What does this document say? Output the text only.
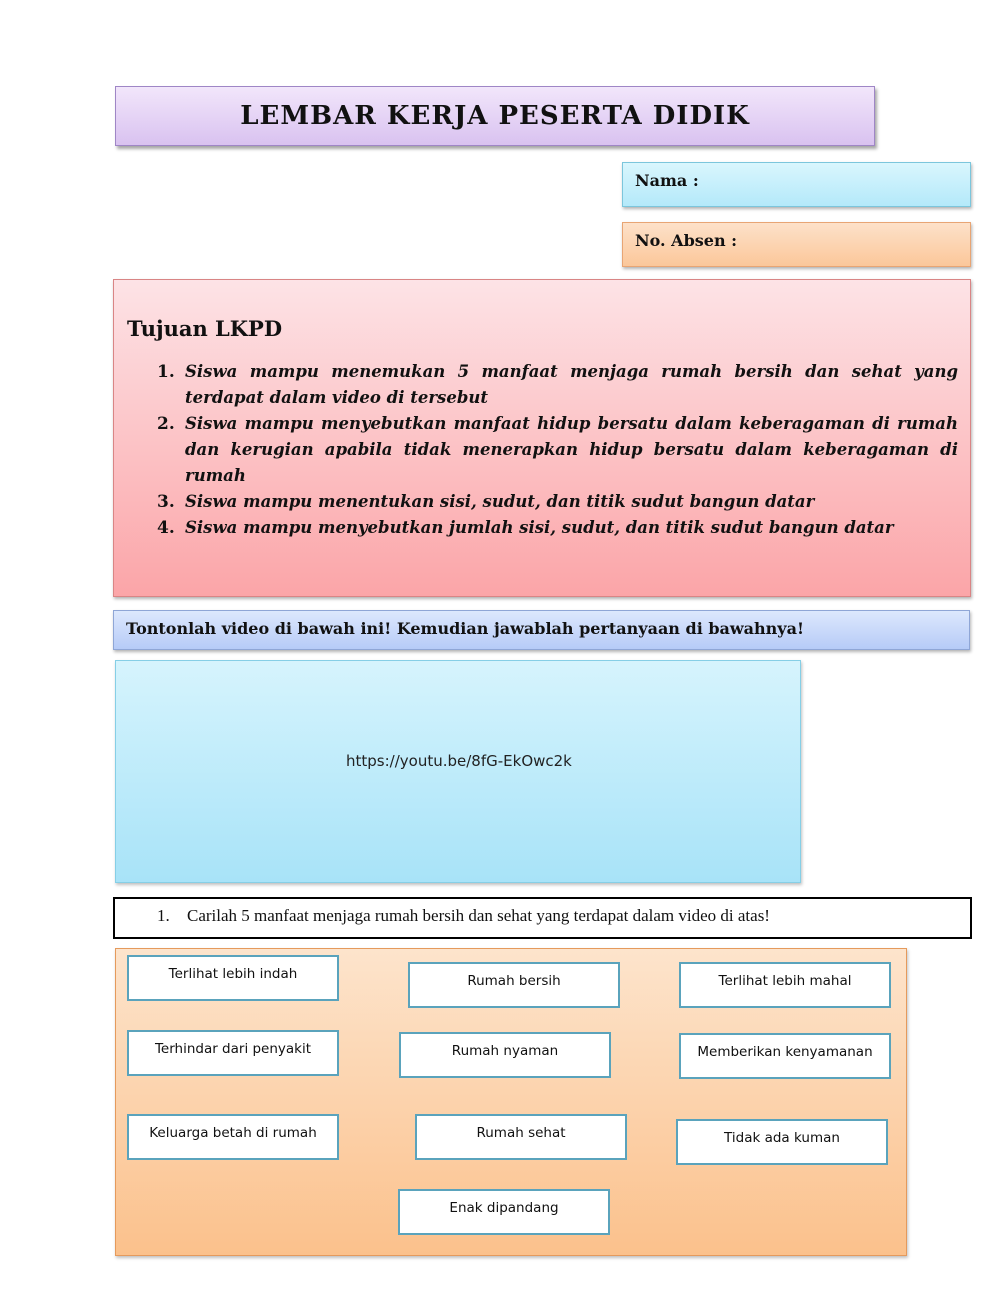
LEMBAR KERJA PESERTA DIDIK
Nama :
No. Absen :
Tujuan LKPD
1. Siswa mampu menemukan 5 manfaat menjaga rumah bersih dan sehat yang terdapat dalam video di tersebut
2. Siswa mampu menyebutkan manfaat hidup bersatu dalam keberagaman di rumah dan kerugian apabila tidak menerapkan hidup bersatu dalam keberagaman di rumah
3. Siswa mampu menentukan sisi, sudut, dan titik sudut bangun datar
4. Siswa mampu menyebutkan jumlah sisi, sudut, dan titik sudut bangun datar
Tontonlah video di bawah ini! Kemudian jawablah pertanyaan di bawahnya!
https://youtu.be/8fG-EkOwc2k
1. Carilah 5 manfaat menjaga rumah bersih dan sehat yang terdapat dalam video di atas!
Terlihat lebih indah	Rumah bersih	Terlihat lebih mahal
Terhindar dari penyakit	Rumah nyaman	Memberikan kenyamanan
Keluarga betah di rumah	Rumah sehat	Tidak ada kuman
Enak dipandang
